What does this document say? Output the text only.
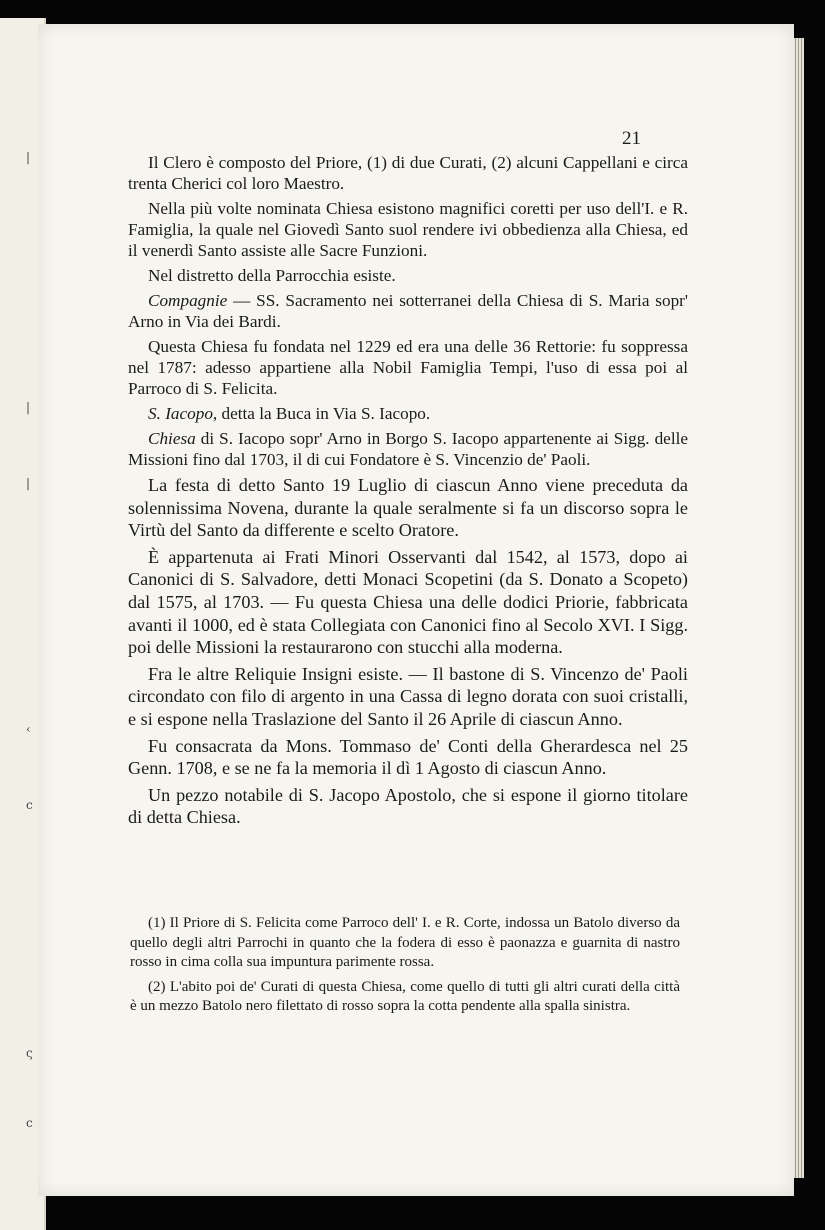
|
|
|
‹
c
ς
c
21

Il Clero è composto del Priore, (1) di due Curati, (2) alcuni Cappellani e circa trenta Cherici col loro Maestro.

Nella più volte nominata Chiesa esistono magnifici coretti per uso dell'I. e R. Famiglia, la quale nel Giovedì Santo suol rendere ivi obbedienza alla Chiesa, ed il venerdì Santo assiste alle Sacre Funzioni.

Nel distretto della Parrocchia esiste.

Compagnie — SS. Sacramento nei sotterranei della Chiesa di S. Maria sopr' Arno in Via dei Bardi.

Questa Chiesa fu fondata nel 1229 ed era una delle 36 Rettorie: fu soppressa nel 1787: adesso appartiene alla Nobil Famiglia Tempi, l'uso di essa poi al Parroco di S. Felicita.

S. Iacopo, detta la Buca in Via S. Iacopo.

Chiesa di S. Iacopo sopr' Arno in Borgo S. Iacopo appartenente ai Sigg. delle Missioni fino dal 1703, il di cui Fondatore è S. Vincenzio de' Paoli.

La festa di detto Santo 19 Luglio di ciascun Anno viene preceduta da solennissima Novena, durante la quale seralmente si fa un discorso sopra le Virtù del Santo da differente e scelto Oratore.

È appartenuta ai Frati Minori Osservanti dal 1542, al 1573, dopo ai Canonici di S. Salvadore, detti Monaci Scopetini (da S. Donato a Scopeto) dal 1575, al 1703. — Fu questa Chiesa una delle dodici Priorie, fabbricata avanti il 1000, ed è stata Collegiata con Canonici fino al Secolo XVI. I Sigg. poi delle Missioni la restaurarono con stucchi alla moderna.

Fra le altre Reliquie Insigni esiste. — Il bastone di S. Vincenzo de' Paoli circondato con filo di argento in una Cassa di legno dorata con suoi cristalli, e si espone nella Traslazione del Santo il 26 Aprile di ciascun Anno.

Fu consacrata da Mons. Tommaso de' Conti della Gherardesca nel 25 Genn. 1708, e se ne fa la memoria il dì 1 Agosto di ciascun Anno.

Un pezzo notabile di S. Jacopo Apostolo, che si espone il giorno titolare di detta Chiesa.

(1) Il Priore di S. Felicita come Parroco dell' I. e R. Corte, indossa un Batolo diverso da quello degli altri Parrochi in quanto che la fodera di esso è paonazza e guarnita di nastro rosso in cima colla sua impuntura parimente rossa.

(2) L'abito poi de' Curati di questa Chiesa, come quello di tutti gli altri curati della città è un mezzo Batolo nero filettato di rosso sopra la cotta pendente alla spalla sinistra.
